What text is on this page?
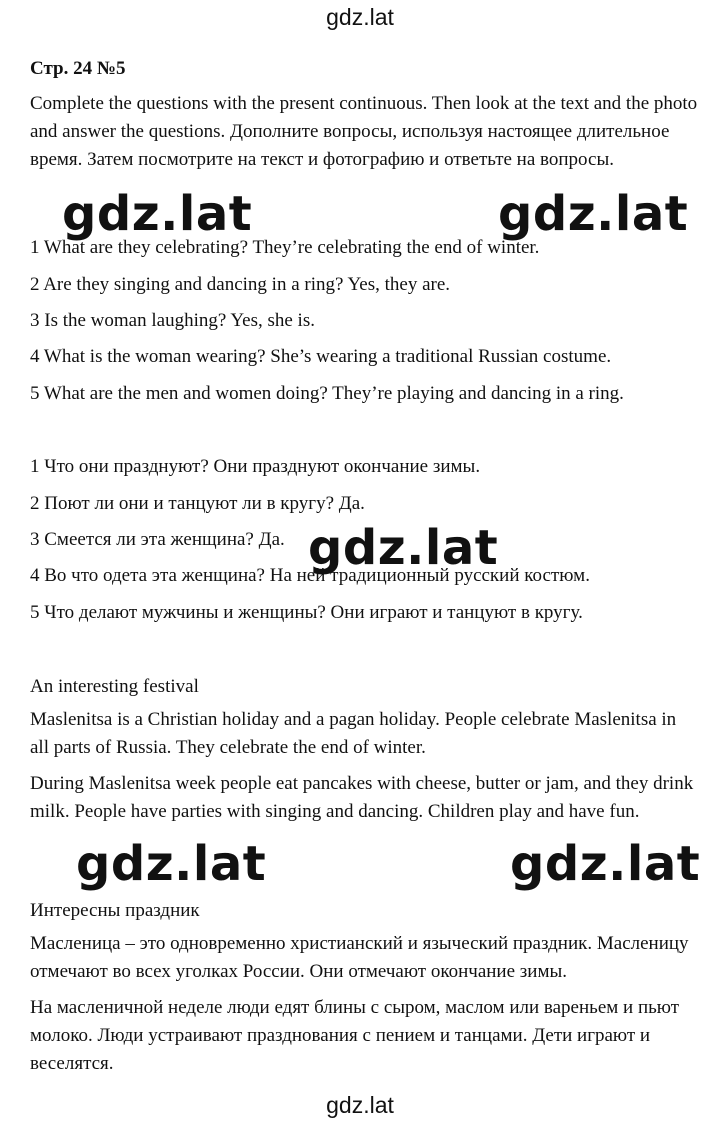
gdz.lat
Стр. 24 №5
Complete the questions with the present continuous. Then look at the text and the photo and answer the questions. Дополните вопросы, используя настоящее длительное время. Затем посмотрите на текст и фотографию и ответьте на вопросы.
1 What are they celebrating? They’re celebrating the end of winter.
2 Are they singing and dancing in a ring? Yes, they are.
3 Is the woman laughing? Yes, she is.
4 What is the woman wearing? She’s wearing a traditional Russian costume.
5 What are the men and women doing? They’re playing and dancing in a ring.
1 Что они празднуют? Они празднуют окончание зимы.
2 Поют ли они и танцуют ли в кругу? Да.
3 Смеется ли эта женщина? Да.
4 Во что одета эта женщина? На ней традиционный русский костюм.
5 Что делают мужчины и женщины? Они играют и танцуют в кругу.
An interesting festival
Maslenitsa is a Christian holiday and a pagan holiday. People celebrate Maslenitsa in all parts of Russia. They celebrate the end of winter.
During Maslenitsa week people eat pancakes with cheese, butter or jam, and they drink milk. People have parties with singing and dancing. Children play and have fun.
Интересны праздник
Масленица – это одновременно христианский и языческий праздник. Масленицу отмечают во всех уголках России. Они отмечают окончание зимы.
На масленичной неделе люди едят блины с сыром, маслом или вареньем и пьют молоко. Люди устраивают празднования с пением и танцами. Дети играют и веселятся.
gdz.lat	gdz.lat
gdz.lat
gdz.lat	gdz.lat
gdz.lat
